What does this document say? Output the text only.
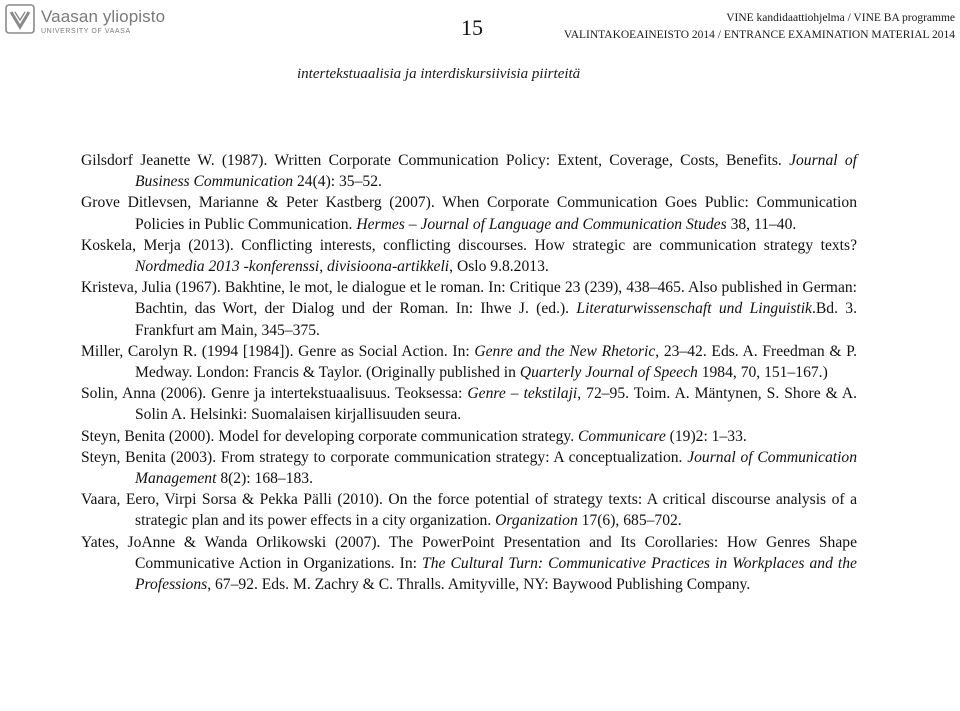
Vaasan yliopisto
UNIVERSITY OF VAASA	15	VINE kandidaattiohjelma / VINE BA programme
VALINTAKOEAINEISTO 2014 / ENTRANCE EXAMINATION MATERIAL 2014
intertekstuaalisia ja interdiskursiivisia piirteitä
Gilsdorf Jeanette W. (1987). Written Corporate Communication Policy: Extent, Coverage, Costs, Benefits. Journal of Business Communication 24(4): 35–52.
Grove Ditlevsen, Marianne & Peter Kastberg (2007). When Corporate Communication Goes Public: Communication Policies in Public Communication. Hermes – Journal of Language and Communication Studes 38, 11–40.
Koskela, Merja (2013). Conflicting interests, conflicting discourses. How strategic are communication strategy texts? Nordmedia 2013 -konferenssi, divisioona-artikkeli, Oslo 9.8.2013.
Kristeva, Julia (1967). Bakhtine, le mot, le dialogue et le roman. In: Critique 23 (239), 438–465. Also published in German: Bachtin, das Wort, der Dialog und der Roman. In: Ihwe J. (ed.). Literaturwissenschaft und Linguistik.Bd. 3. Frankfurt am Main, 345–375.
Miller, Carolyn R. (1994 [1984]). Genre as Social Action. In: Genre and the New Rhetoric, 23–42. Eds. A. Freedman & P. Medway. London: Francis & Taylor. (Originally published in Quarterly Journal of Speech 1984, 70, 151–167.)
Solin, Anna (2006). Genre ja intertekstuaalisuus. Teoksessa: Genre – tekstilaji, 72–95. Toim. A. Mäntynen, S. Shore & A. Solin A. Helsinki: Suomalaisen kirjallisuuden seura.
Steyn, Benita (2000). Model for developing corporate communication strategy. Communicare (19)2: 1–33.
Steyn, Benita (2003). From strategy to corporate communication strategy: A conceptualization. Journal of Communication Management 8(2): 168–183.
Vaara, Eero, Virpi Sorsa & Pekka Pälli (2010). On the force potential of strategy texts: A critical discourse analysis of a strategic plan and its power effects in a city organization. Organization 17(6), 685–702.
Yates, JoAnne & Wanda Orlikowski (2007). The PowerPoint Presentation and Its Corollaries: How Genres Shape Communicative Action in Organizations. In: The Cultural Turn: Communicative Practices in Workplaces and the Professions, 67–92. Eds. M. Zachry & C. Thralls. Amityville, NY: Baywood Publishing Company.
